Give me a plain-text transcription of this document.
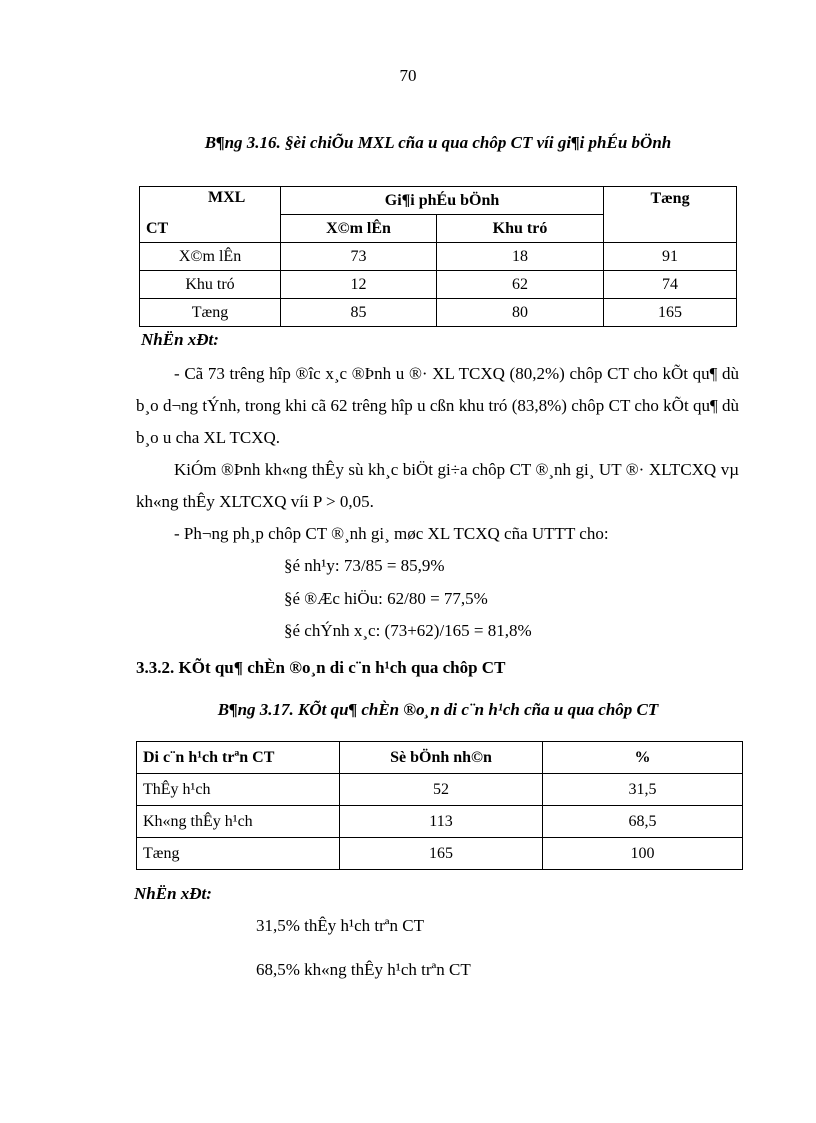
70
B¶ng 3.16. §èi chiÕu MXL cña u qua chôp CT víi gi¶i phÉu bÖnh
MXL
CT	Gi¶i phÉu bÖnh		Tæng
	X©m lÊn	Khu tró	
X©m lÊn	73	18	91
Khu tró	12	62	74
Tæng	85	80	165
NhËn xÐt:

- Cã 73 trêng hîp ®îc x¸c ®Þnh u ®· XL TCXQ (80,2%) chôp CT cho kÕt qu¶ dù b¸o d¬ng tÝnh, trong khi cã 62 trêng hîp u cßn khu tró (83,8%) chôp CT cho kÕt qu¶ dù b¸o u cha XL TCXQ.

KiÓm ®Þnh kh«ng thÊy sù kh¸c biÖt gi÷a chôp CT ®¸nh gi¸ UT ®· XLTCXQ vµ kh«ng thÊy XLTCXQ víi P > 0,05.

- Ph¬ng ph¸p chôp CT ®¸nh gi¸ møc XL TCXQ cña UTTT cho:

§é nh¹y: 73/85 = 85,9%

§é ®Æc hiÖu: 62/80 = 77,5%

§é chÝnh x¸c: (73+62)/165 = 81,8%

3.3.2. KÕt qu¶ chÈn ®o¸n di c¨n h¹ch qua chôp CT
B¶ng 3.17. KÕt qu¶ chÈn ®o¸n di c¨n h¹ch cña u qua chôp CT
Di c¨n h¹ch trªn CT	Sè bÖnh nh©n	%
ThÊy h¹ch	52	31,5
Kh«ng thÊy h¹ch	113	68,5
Tæng	165	100
NhËn xÐt:

31,5% thÊy h¹ch trªn CT

68,5% kh«ng thÊy h¹ch trªn CT
